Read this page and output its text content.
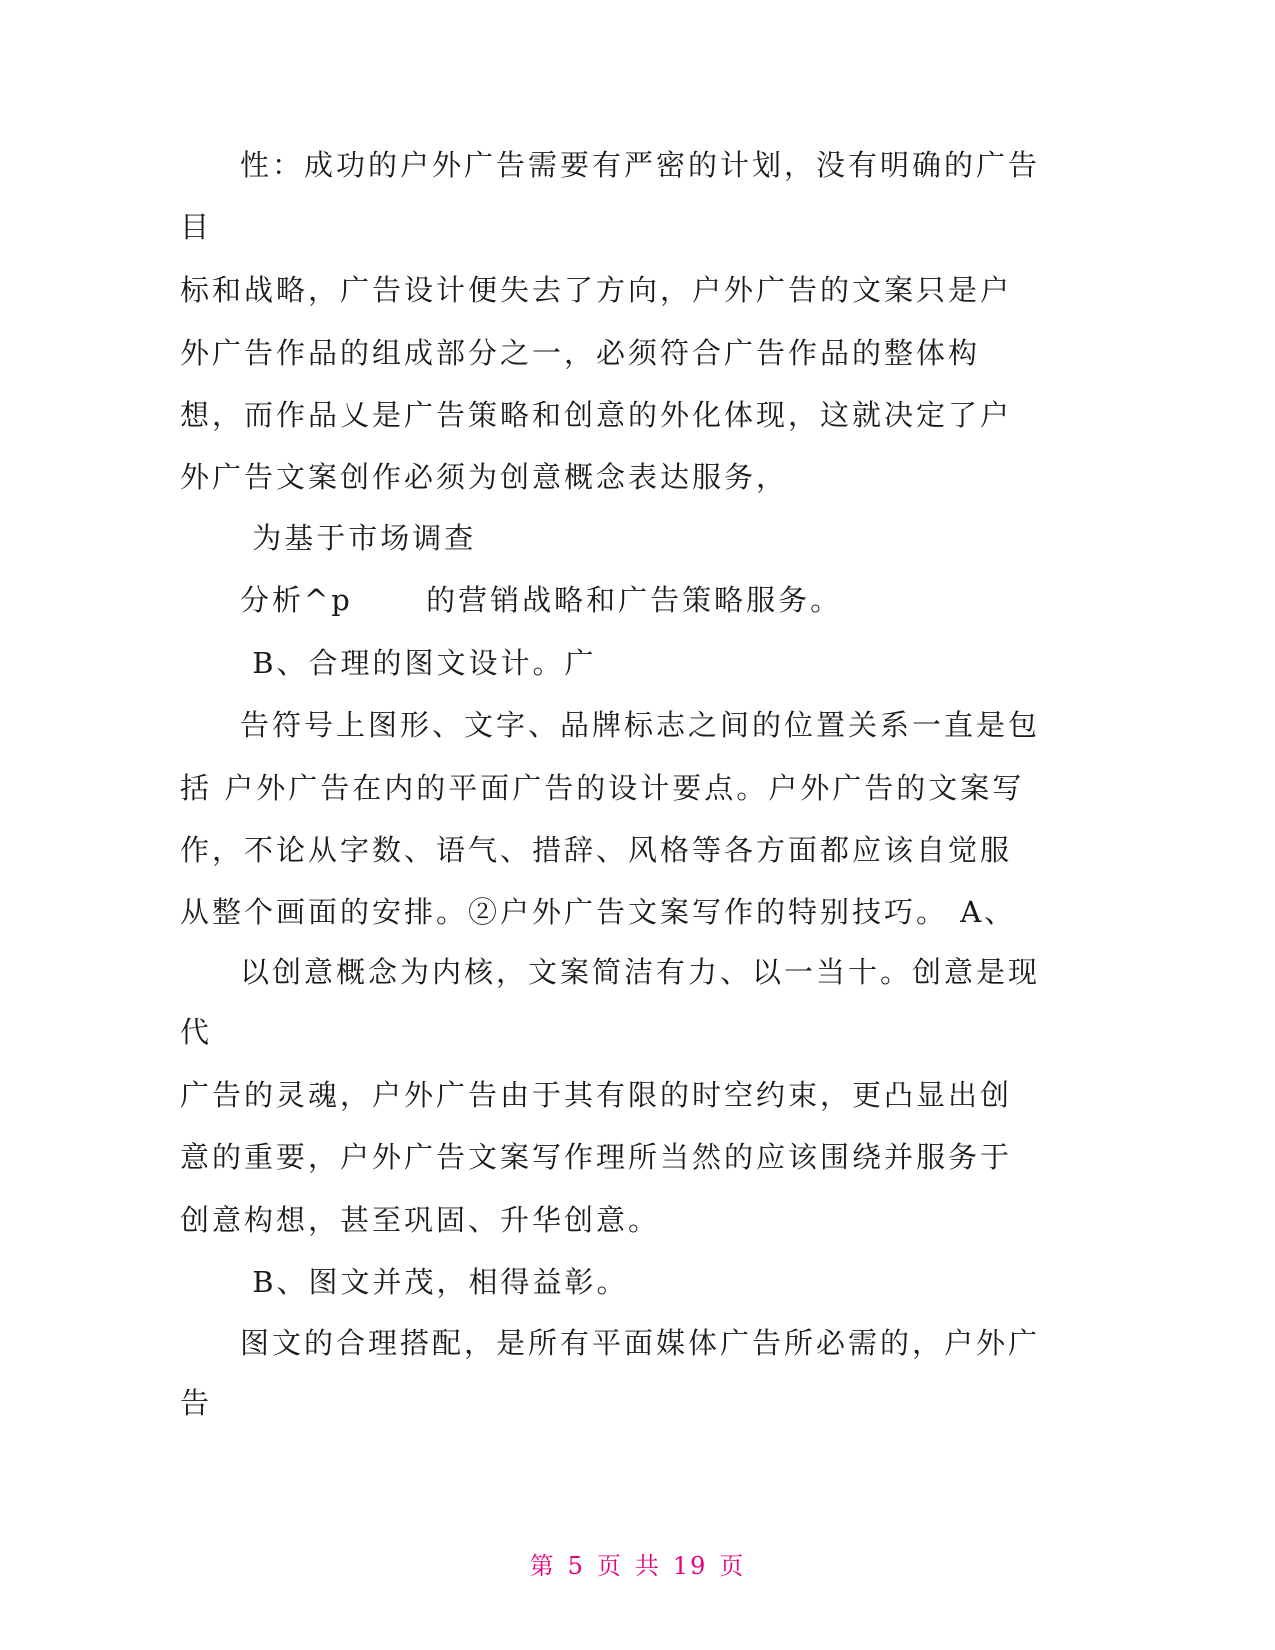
性：成功的户外广告需要有严密的计划，没有明确的广告
目
标和战略，广告设计便失去了方向，户外广告的文案只是户
外广告作品的组成部分之一，必须符合广告作品的整体构
想，而作品乂是广告策略和创意的外化体现，这就决定了户
外广告文案创作必须为创意概念表达服务，
为基于市场调查
分析^p      的营销战略和广告策略服务。
B、合理的图文设计。广
告符号上图形、文字、品牌标志之间的位置关系一直是包
括 户外广告在内的平面广告的设计要点。户外广告的文案写
作，不论从字数、语气、措辞、风格等各方面都应该自觉服
从整个画面的安排。②户外广告文案写作的特别技巧。 A、
以创意概念为内核，文案简洁有力、以一当十。创意是现
代
广告的灵魂，户外广告由于其有限的时空约束，更凸显出创
意的重要，户外广告文案写作理所当然的应该围绕并服务于
创意构想，甚至巩固、升华创意。
B、图文并茂，相得益彰。
图文的合理搭配，是所有平面媒体广告所必需的，户外广
告
第 5 页 共 19 页
